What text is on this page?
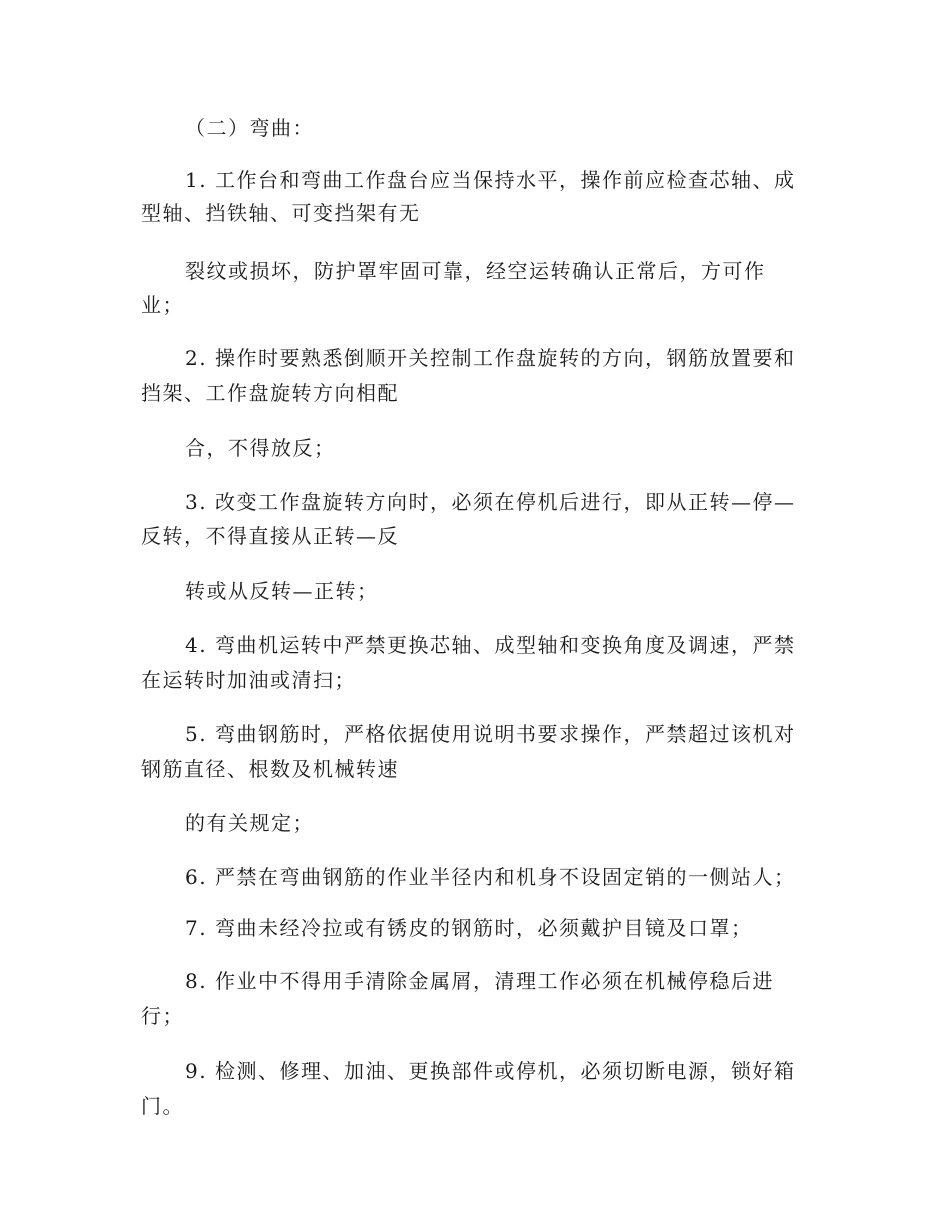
（二）弯曲：
1. 工作台和弯曲工作盘台应当保持水平，操作前应检查芯轴、成
型轴、挡铁轴、可变挡架有无
裂纹或损坏，防护罩牢固可靠，经空运转确认正常后，方可作
业；
2. 操作时要熟悉倒顺开关控制工作盘旋转的方向，钢筋放置要和
挡架、工作盘旋转方向相配
合，不得放反；
3. 改变工作盘旋转方向时，必须在停机后进行，即从正转—停—
反转，不得直接从正转—反
转或从反转—正转；
4. 弯曲机运转中严禁更换芯轴、成型轴和变换角度及调速，严禁
在运转时加油或清扫；
5. 弯曲钢筋时，严格依据使用说明书要求操作，严禁超过该机对
钢筋直径、根数及机械转速
的有关规定；
6. 严禁在弯曲钢筋的作业半径内和机身不设固定销的一侧站人；
7. 弯曲未经冷拉或有锈皮的钢筋时，必须戴护目镜及口罩；
8. 作业中不得用手清除金属屑，清理工作必须在机械停稳后进
行；
9. 检测、修理、加油、更换部件或停机，必须切断电源，锁好箱
门。
